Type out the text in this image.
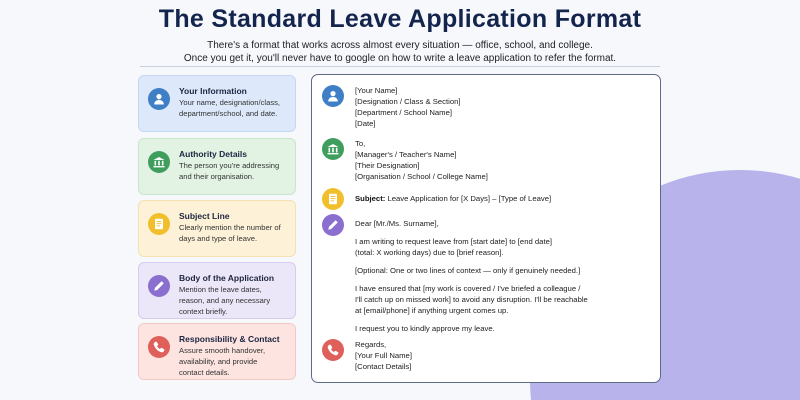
The Standard Leave Application Format
There's a format that works across almost every situation — office, school, and college.
Once you get it, you'll never have to google on how to write a leave application to refer the format.
Your Information

Your name, designation/class,

department/school, and date.

Authority Details

The person you're addressing

and their organisation.

Subject Line

Clearly mention the number of

days and type of leave.

Body of the Application

Mention the leave dates,

reason, and any necessary

context briefly.

Responsibility & Contact

Assure smooth handover,

availability, and provide

contact details.

[Your Name]
[Designation / Class & Section]
[Department / School Name]
[Date]
To,
[Manager's / Teacher's Name]
[Their Designation]
[Organisation / School / College Name]
Subject: Leave Application for [X Days] – [Type of Leave]
Dear [Mr./Ms. Surname],
I am writing to request leave from [start date] to [end date]
(total: X working days) due to [brief reason].
[Optional: One or two lines of context — only if genuinely needed.]
I have ensured that [my work is covered / I've briefed a colleague /
I'll catch up on missed work] to avoid any disruption. I'll be reachable
at [email/phone] if anything urgent comes up.
I request you to kindly approve my leave.
Regards,
[Your Full Name]
[Contact Details]
